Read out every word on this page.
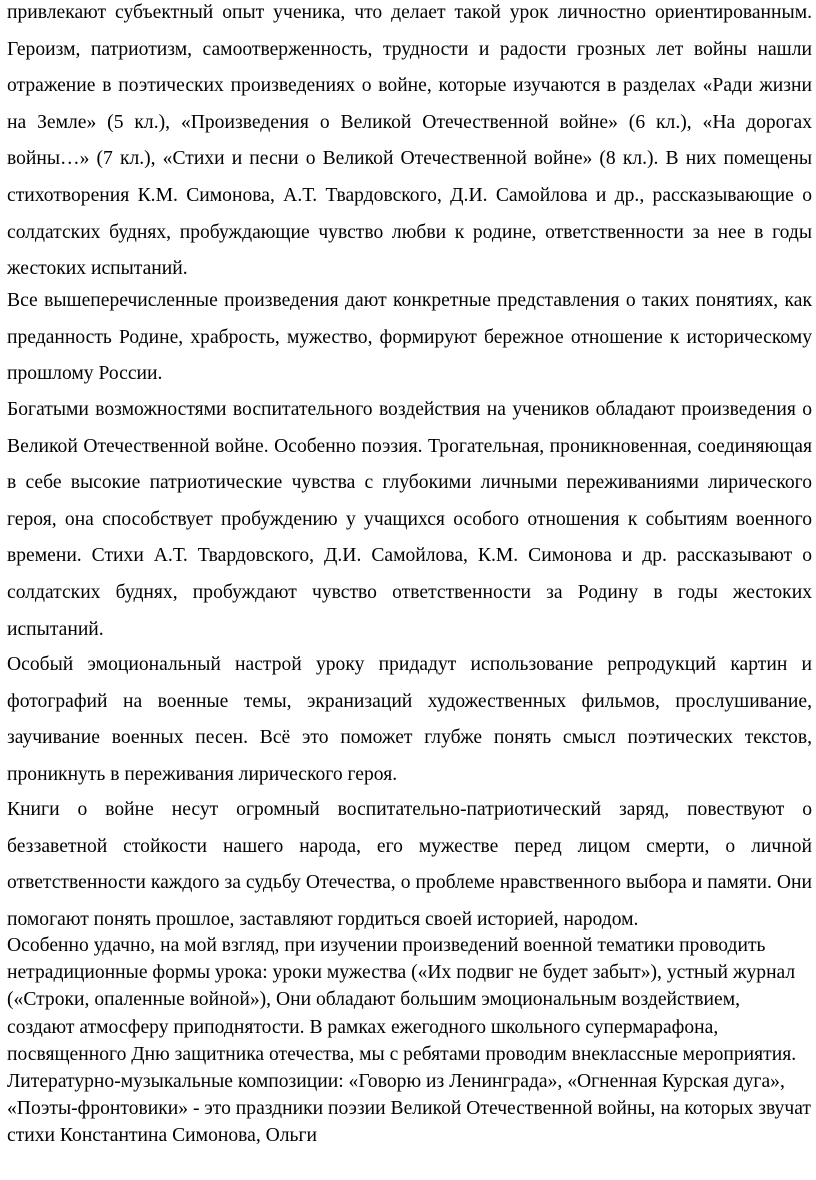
привлекают субъектный опыт ученика, что делает такой урок личностно ориентированным. Героизм, патриотизм, самоотверженность, трудности и радости грозных лет войны нашли отражение в поэтических произведениях о войне, которые изучаются в разделах «Ради жизни на Земле» (5 кл.), «Произведения о Великой Отечественной войне» (6 кл.), «На дорогах войны…» (7 кл.), «Стихи и песни о Великой Отечественной войне» (8 кл.). В них помещены стихотворения К.М. Симонова, А.Т. Твардовского, Д.И. Самойлова и др., рассказывающие о солдатских буднях, пробуждающие чувство любви к родине, ответственности за нее в годы жестоких испытаний.

Все вышеперечисленные произведения дают конкретные представления о таких понятиях, как преданность Родине, храбрость, мужество, формируют бережное отношение к историческому прошлому России.

Богатыми возможностями воспитательного воздействия на учеников обладают произведения о Великой Отечественной войне. Особенно поэзия. Трогательная, проникновенная, соединяющая в себе высокие патриотические чувства с глубокими личными переживаниями лирического героя, она способствует пробуждению у учащихся особого отношения к событиям военного времени. Стихи А.Т. Твардовского, Д.И. Самойлова, К.М. Симонова и др. рассказывают о солдатских буднях, пробуждают чувство ответственности за Родину в годы жестоких испытаний.

Особый эмоциональный настрой уроку придадут использование репродукций картин и фотографий на военные темы, экранизаций художественных фильмов, прослушивание, заучивание военных песен. Всё это поможет глубже понять смысл поэтических текстов, проникнуть в переживания лирического героя.

Книги о войне несут огромный воспитательно-патриотический заряд, повествуют о беззаветной стойкости нашего народа, его мужестве перед лицом смерти, о личной ответственности каждого за судьбу Отечества, о проблеме нравственного выбора и памяти. Они помогают понять прошлое, заставляют гордиться своей историей, народом.

Особенно удачно, на мой взгляд, при изучении произведений военной тематики проводить нетрадиционные формы урока: уроки мужества («Их подвиг не будет забыт»), устный журнал («Строки, опаленные войной»), Они обладают большим эмоциональным воздействием, создают атмосферу приподнятости. В рамках ежегодного школьного супермарафона, посвященного Дню защитника отечества, мы с ребятами проводим внеклассные мероприятия. Литературно-музыкальные композиции: «Говорю из Ленинграда», «Огненная Курская дуга», «Поэты-фронтовики» - это праздники поэзии Великой Отечественной войны, на которых звучат стихи Константина Симонова, Ольги
